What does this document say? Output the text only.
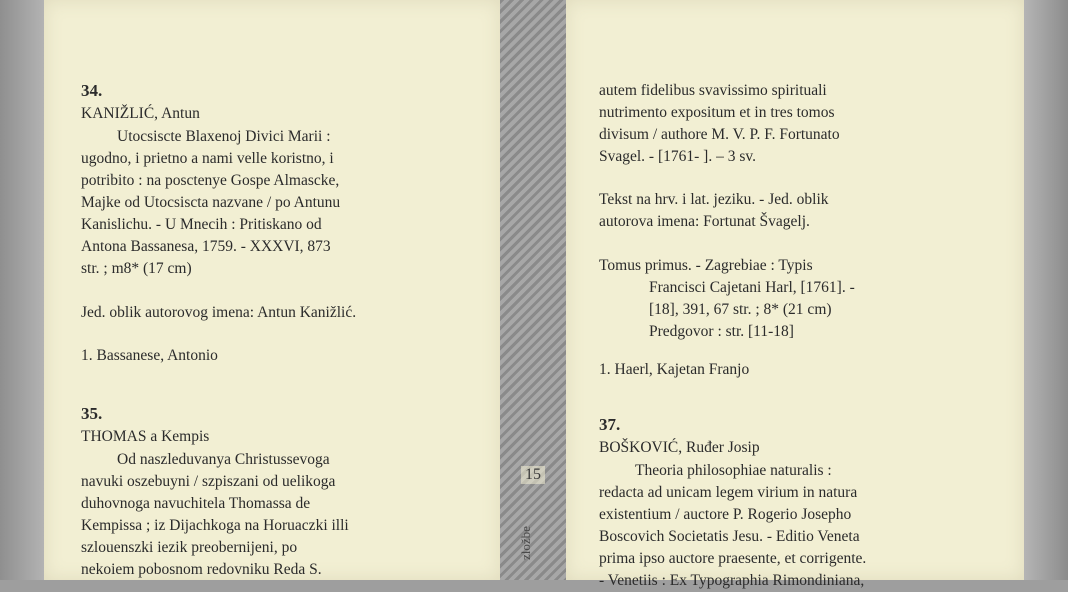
15
zložbe
34.
KANIŽLIĆ, Antun
Utocsiscte Blaxenoj Divici Marii :
ugodno, i prietno a nami velle koristno, i
potribito : na posctenye Gospe Almascke,
Majke od Utocsiscta nazvane / po Antunu
Kanislichu. - U Mnecih : Pritiskano od
Antona Bassanesa, 1759. - XXXVI, 873
str. ; m8* (17 cm)
Jed. oblik autorovog imena: Antun Kanižlić.
1. Bassanese, Antonio
35.
THOMAS a Kempis
Od naszleduvanya Christussevoga
navuki oszebuyni / szpiszani od uelikoga
duhovnoga navuchitela Thomassa de
Kempissa ; iz Dijachkoga na Horuaczki illi
szlouenszki iezik preobernijeni, po
nekoiem pobosnom redovniku Reda S.
autem fidelibus svavissimo spirituali
nutrimento expositum et in tres tomos
divisum / authore M. V. P. F. Fortunato
Svagel. - [1761- ]. – 3 sv.
Tekst na hrv. i lat. jeziku. - Jed. oblik
autorova imena: Fortunat Švagelj.
Tomus primus. - Zagrebiae : Typis
Francisci Cajetani Harl, [1761]. -
[18], 391, 67 str. ; 8* (21 cm)
Predgovor : str. [11-18]
1. Haerl, Kajetan Franjo
37.
BOŠKOVIĆ, Ruđer Josip
Theoria philosophiae naturalis :
redacta ad unicam legem virium in natura
existentium / auctore P. Rogerio Josepho
Boscovich Societatis Jesu. - Editio Veneta
prima ipso auctore praesente, et corrigente.
- Venetiis : Ex Typographia Rimondiniana,
